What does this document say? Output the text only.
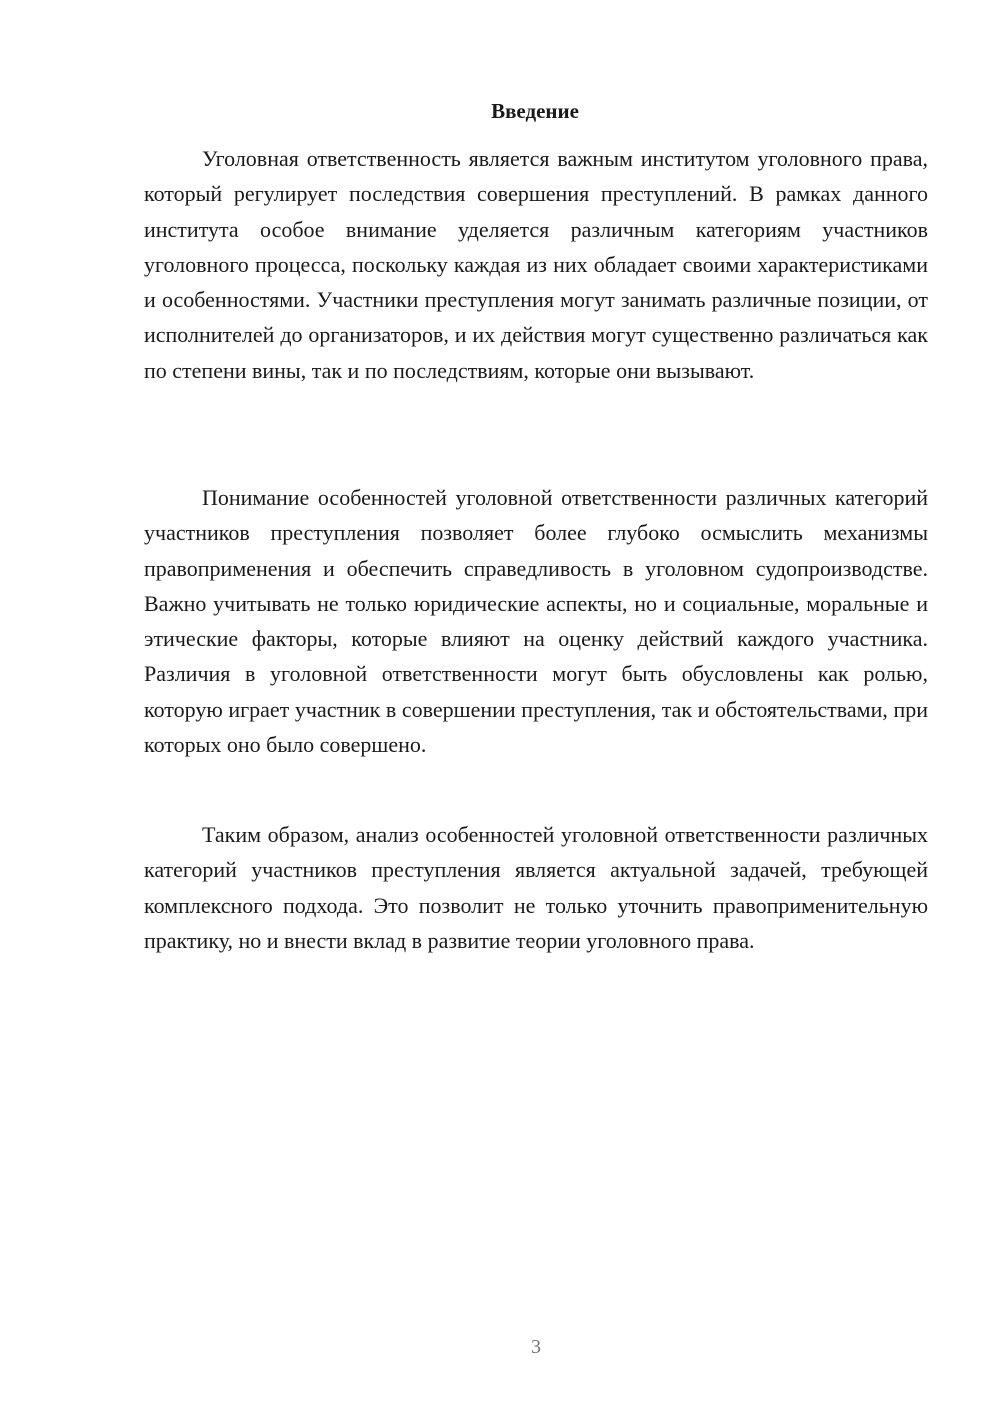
Введение

Уголовная ответственность является важным институтом уголовного права, который регулирует последствия совершения преступлений. В рамках данного института особое внимание уделяется различным категориям участников уголовного процесса, поскольку каждая из них обладает своими характеристиками и особенностями. Участники преступления могут занимать различные позиции, от исполнителей до организаторов, и их действия могут существенно различаться как по степени вины, так и по последствиям, которые они вызывают.

Понимание особенностей уголовной ответственности различных категорий участников преступления позволяет более глубоко осмыслить механизмы правоприменения и обеспечить справедливость в уголовном судопроизводстве. Важно учитывать не только юридические аспекты, но и социальные, моральные и этические факторы, которые влияют на оценку действий каждого участника. Различия в уголовной ответственности могут быть обусловлены как ролью, которую играет участник в совершении преступления, так и обстоятельствами, при которых оно было совершено.

Таким образом, анализ особенностей уголовной ответственности различных категорий участников преступления является актуальной задачей, требующей комплексного подхода. Это позволит не только уточнить правоприменительную практику, но и внести вклад в развитие теории уголовного права.

3
